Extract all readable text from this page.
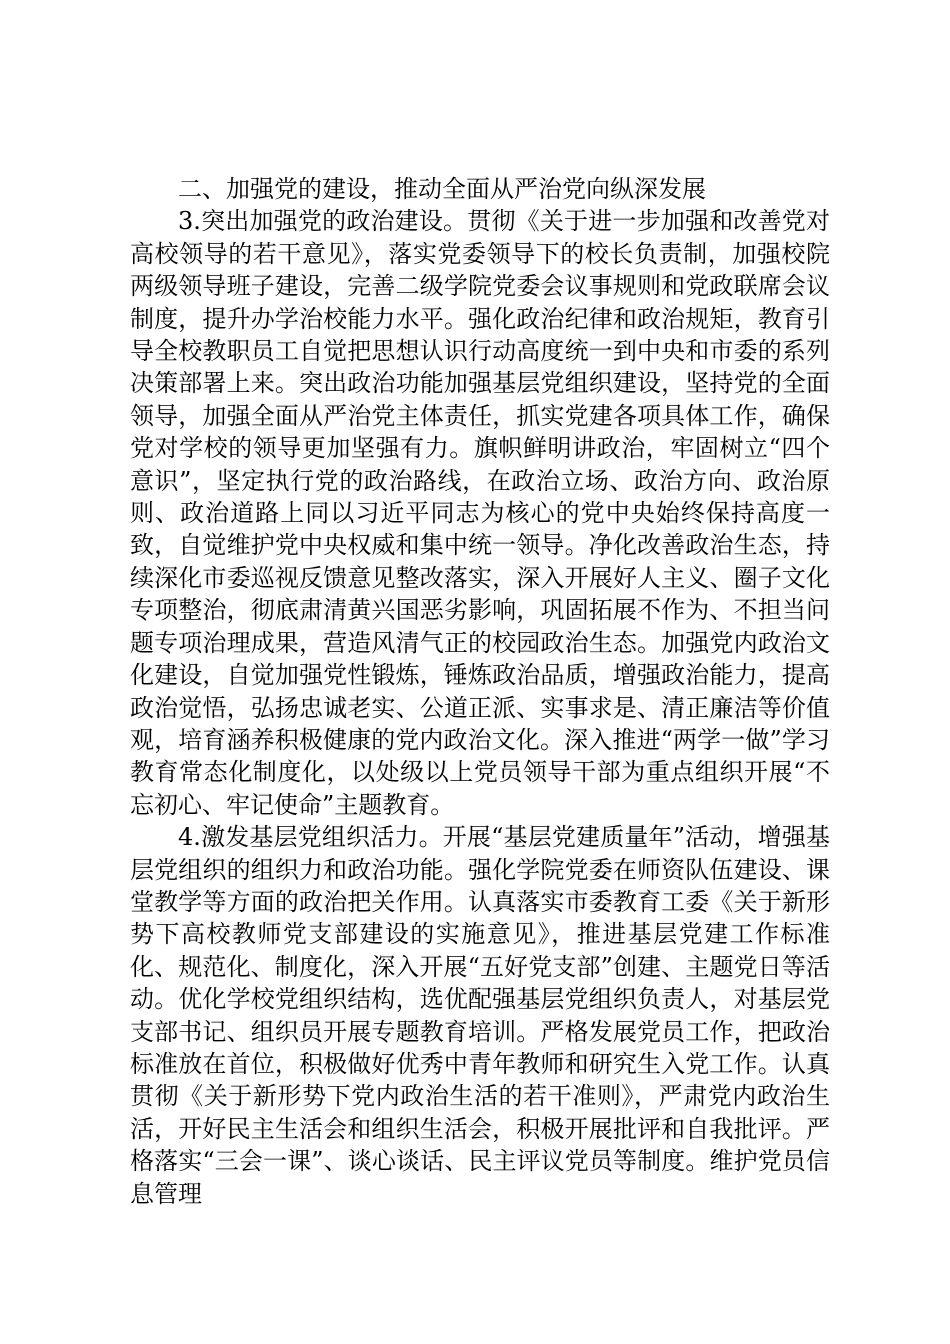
二、加强党的建设，推动全面从严治党向纵深发展

3.突出加强党的政治建设。贯彻《关于进一步加强和改善党对高校领导的若干意见》，落实党委领导下的校长负责制，加强校院两级领导班子建设，完善二级学院党委会议事规则和党政联席会议制度，提升办学治校能力水平。强化政治纪律和政治规矩，教育引导全校教职员工自觉把思想认识行动高度统一到中央和市委的系列决策部署上来。突出政治功能加强基层党组织建设，坚持党的全面领导，加强全面从严治党主体责任，抓实党建各项具体工作，确保党对学校的领导更加坚强有力。旗帜鲜明讲政治，牢固树立“四个意识”，坚定执行党的政治路线，在政治立场、政治方向、政治原则、政治道路上同以习近平同志为核心的党中央始终保持高度一致，自觉维护党中央权威和集中统一领导。净化改善政治生态，持续深化市委巡视反馈意见整改落实，深入开展好人主义、圈子文化专项整治，彻底肃清黄兴国恶劣影响，巩固拓展不作为、不担当问题专项治理成果，营造风清气正的校园政治生态。加强党内政治文化建设，自觉加强党性锻炼，锤炼政治品质，增强政治能力，提高政治觉悟，弘扬忠诚老实、公道正派、实事求是、清正廉洁等价值观，培育涵养积极健康的党内政治文化。深入推进“两学一做”学习教育常态化制度化，以处级以上党员领导干部为重点组织开展“不忘初心、牢记使命”主题教育。

4.激发基层党组织活力。开展“基层党建质量年”活动，增强基层党组织的组织力和政治功能。强化学院党委在师资队伍建设、课堂教学等方面的政治把关作用。认真落实市委教育工委《关于新形势下高校教师党支部建设的实施意见》，推进基层党建工作标准化、规范化、制度化，深入开展“五好党支部”创建、主题党日等活动。优化学校党组织结构，选优配强基层党组织负责人，对基层党支部书记、组织员开展专题教育培训。严格发展党员工作，把政治标准放在首位，积极做好优秀中青年教师和研究生入党工作。认真贯彻《关于新形势下党内政治生活的若干准则》，严肃党内政治生活，开好民主生活会和组织生活会，积极开展批评和自我批评。严格落实“三会一课”、谈心谈话、民主评议党员等制度。维护党员信息管理
